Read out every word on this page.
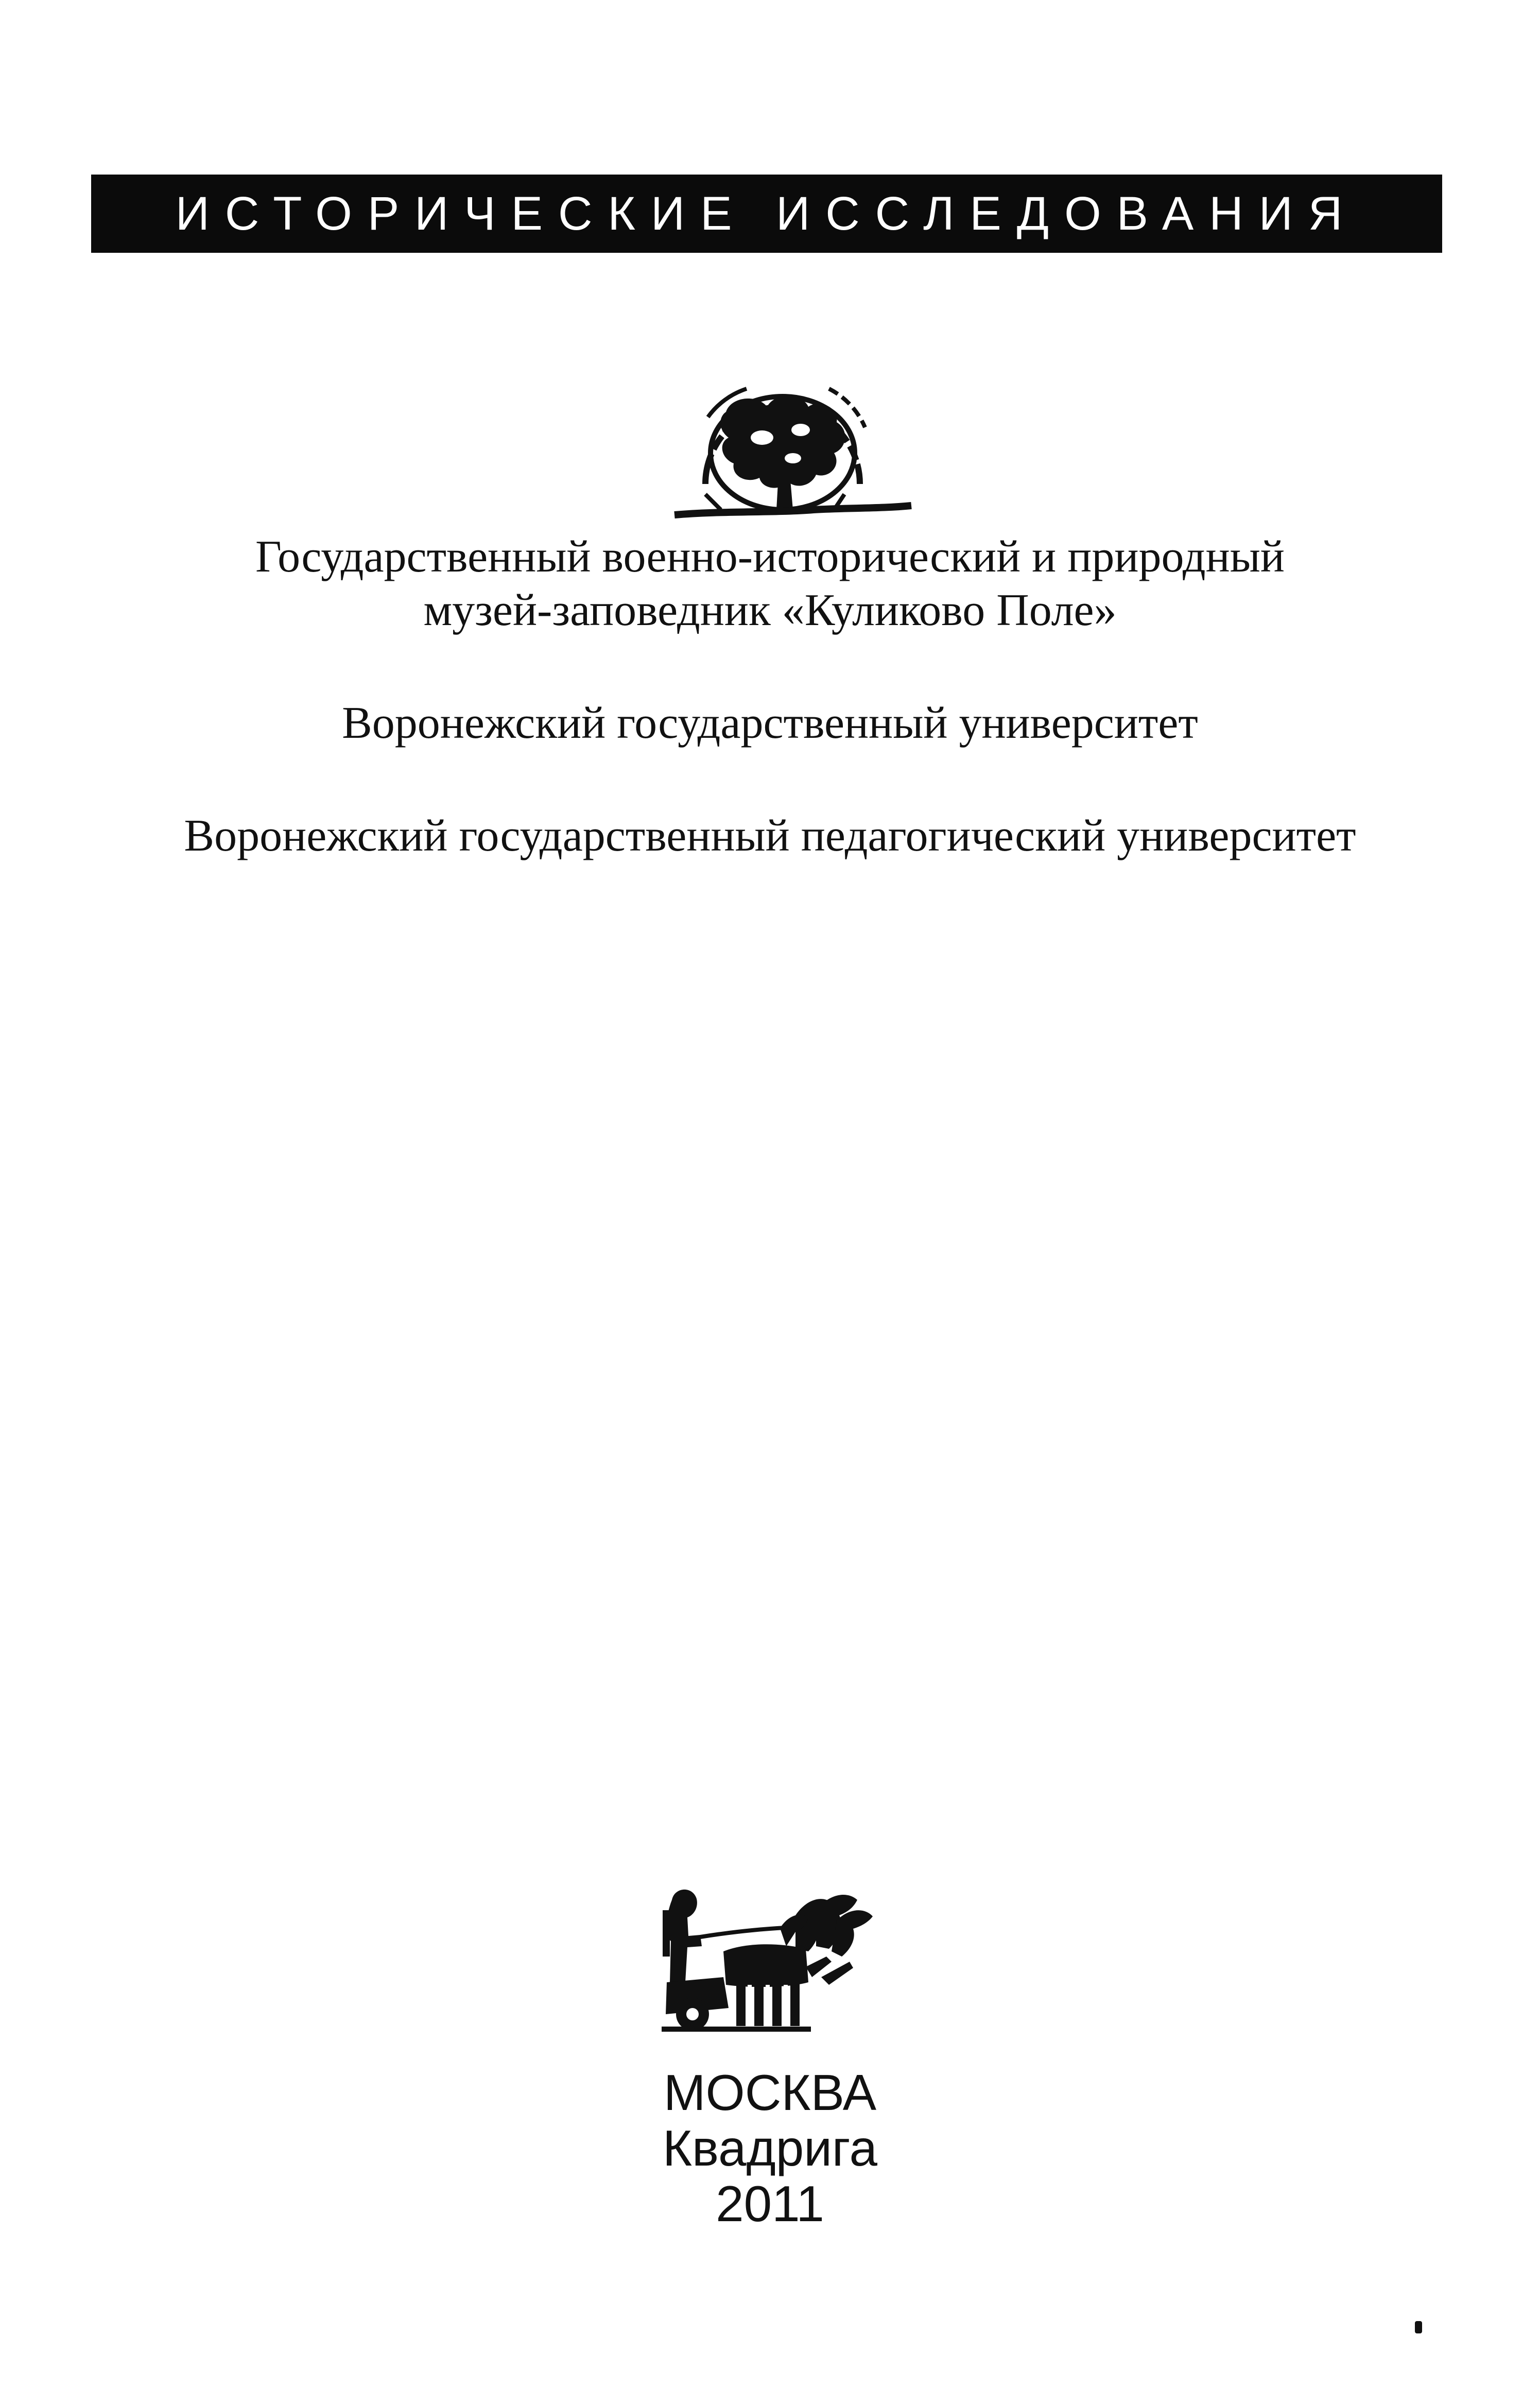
ИСТОРИЧЕСКИЕ ИССЛЕДОВАНИЯ
Государственный военно-исторический и природный
музей-заповедник «Куликово Поле»
Воронежский государственный университет
Воронежский государственный педагогический университет
МОСКВА
Квадрига
2011
